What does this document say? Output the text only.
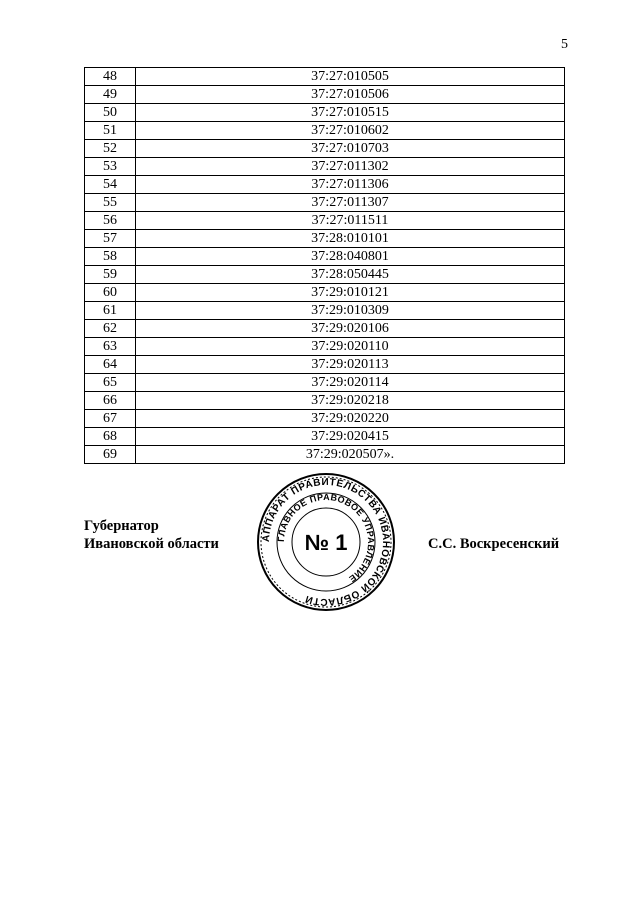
5
48	37:27:010505
49	37:27:010506
50	37:27:010515
51	37:27:010602
52	37:27:010703
53	37:27:011302
54	37:27:011306
55	37:27:011307
56	37:27:011511
57	37:28:010101
58	37:28:040801
59	37:28:050445
60	37:29:010121
61	37:29:010309
62	37:29:020106
63	37:29:020110
64	37:29:020113
65	37:29:020114
66	37:29:020218
67	37:29:020220
68	37:29:020415
69	37:29:020507».
Губернатор
Ивановской области	АППАРАТ ПРАВИТЕЛЬСТВА ИВАНОВСКОЙ ОБЛАСТИ
ГЛАВНОЕ ПРАВОВОЕ УПРАВЛЕНИЕ
№ 1	С.С. Воскресенский
